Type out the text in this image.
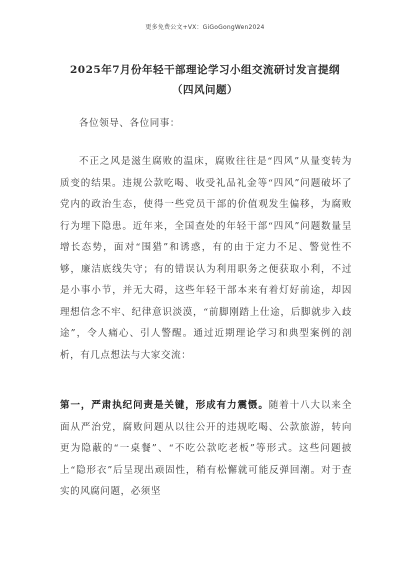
更多免费公文+VX：GiGoGongWen2024
2025年7月份年轻干部理论学习小组交流研讨发言提纲
（四风问题）
各位领导、各位同事：
不正之风是滋生腐败的温床，腐败往往是“四风”从量变转为质变的结果。违规公款吃喝、收受礼品礼金等“四风”问题破坏了党内的政治生态，使得一些党员干部的价值观发生偏移，为腐败行为埋下隐患。近年来，全国查处的年轻干部“四风”问题数量呈增长态势，面对“围猎”和诱惑，有的由于定力不足、警觉性不够，廉洁底线失守；有的错误认为利用职务之便获取小利，不过是小事小节，并无大碍，这些年轻干部本来有着灯好前途，却因理想信念不牢、纪律意识淡漠，“前脚刚踏上仕途，后脚就步入歧途”，令人痛心、引人警醒。通过近期理论学习和典型案例的剖析，有几点想法与大家交流：
第一，严肃执纪问责是关键，形成有力震慑。随着十八大以来全面从严治党，腐败问题从以往公开的违规吃喝、公款旅游，转向更为隐蔽的“一桌餐”、“不吃公款吃老板”等形式。这些问题披上“隐形衣”后呈现出顽固性，稍有松懈就可能反弹回潮。对于查实的风腐问题，必须坚
